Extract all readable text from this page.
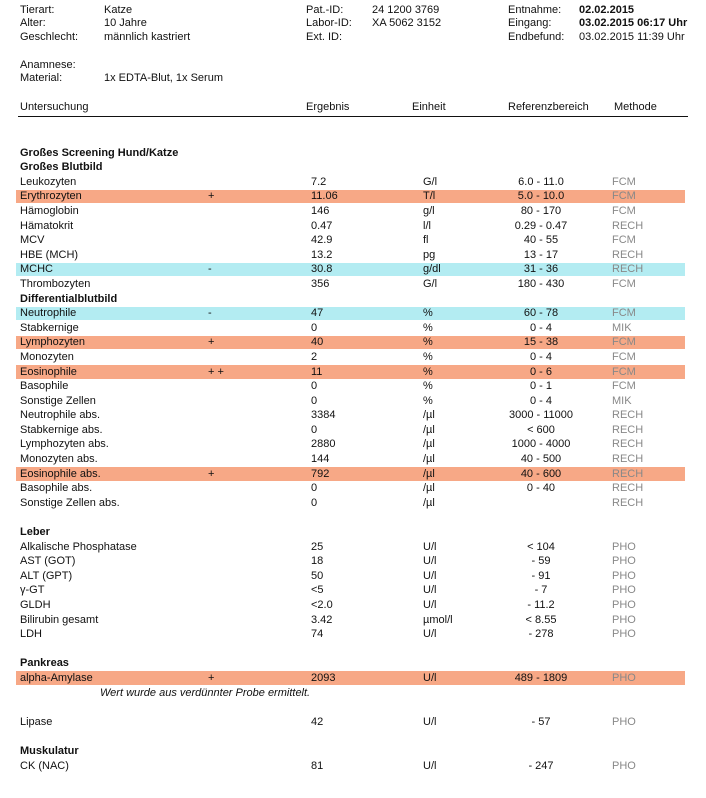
Tierart:	Katze
Alter:	10 Jahre
Geschlecht: männlich kastriert
Pat.-ID:	24 1200 3769
Labor-ID: XA 5062 3152
Ext. ID:
Entnahme: 02.02.2015
Eingang:	03.02.2015 06:17 Uhr
Endbefund: 03.02.2015 11:39 Uhr
Anamnese:
Material:	1x EDTA-Blut, 1x Serum
Untersuchung	Ergebnis	Einheit	Referenzbereich Methode
Großes Screening Hund/Katze
Großes Blutbild
Leukozyten	7.2	G/l	6.0 - 11.0	FCM
Erythrozyten	+	11.06	T/l	5.0 - 10.0	FCM
Hämoglobin	146	g/l	80 - 170	FCM
Hämatokrit	0.47	l/l	0.29 - 0.47	RECH
MCV	42.9	fl	40 - 55	FCM
HBE (MCH)	13.2	pg	13 - 17	RECH
MCHC	-	30.8	g/dl	31 - 36	RECH
Thrombozyten	356	G/l	180 - 430	FCM
Differentialblutbild
Neutrophile	-	47	%	60 - 78	FCM
Stabkernige	0	%	0 - 4	MIK
Lymphozyten	+	40	%	15 - 38	FCM
Monozyten	2	%	0 - 4	FCM
Eosinophile	+ +	11	%	0 - 6	FCM
Basophile	0	%	0 - 1	FCM
Sonstige Zellen	0	%	0 - 4	MIK
Neutrophile abs.	3384	/µl	3000 - 11000	RECH
Stabkernige abs.	0	/µl	< 600	RECH
Lymphozyten abs.	2880	/µl	1000 - 4000	RECH
Monozyten abs.	144	/µl	40 - 500	RECH
Eosinophile abs.	+	792	/µl	40 - 600	RECH
Basophile abs.	0	/µl	0 - 40	RECH
Sonstige Zellen abs.	0	/µl	RECH
Leber
Alkalische Phosphatase	25	U/l	< 104	PHO
AST (GOT)	18	U/l	- 59	PHO
ALT (GPT)	50	U/l	- 91	PHO
γ-GT	<5	U/l	- 7	PHO
GLDH	<2.0	U/l	- 11.2	PHO
Bilirubin gesamt	3.42	µmol/l	< 8.55	PHO
LDH	74	U/l	- 278	PHO
Pankreas
alpha-Amylase	+	2093	U/l	489 - 1809	PHO
Wert wurde aus verdünnter Probe ermittelt.
Lipase	42	U/l	- 57	PHO
Muskulatur
CK (NAC)	81	U/l	- 247	PHO
